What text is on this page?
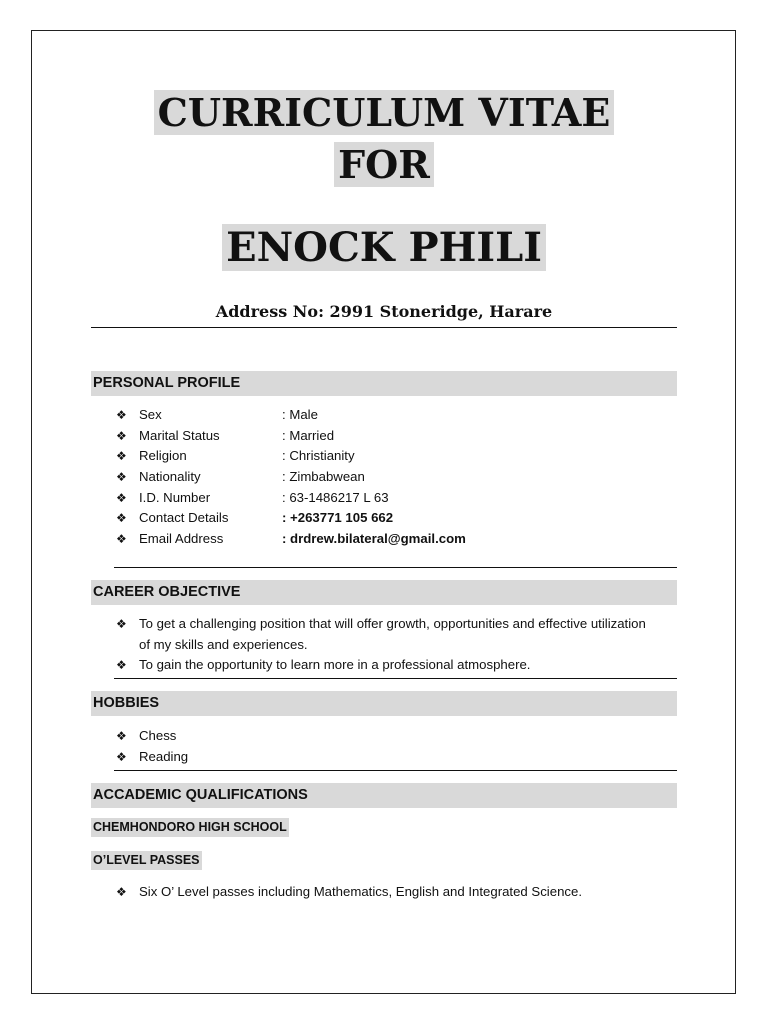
CURRICULUM VITAE
FOR
ENOCK PHILI
Address No: 2991 Stoneridge, Harare
PERSONAL PROFILE
❖ Sex	: Male
❖ Marital Status	: Married
❖ Religion	: Christianity
❖ Nationality	: Zimbabwean
❖ I.D. Number	: 63-1486217 L 63
❖ Contact Details	: +263771 105 662
❖ Email Address	: drdrew.bilateral@gmail.com
CAREER OBJECTIVE
❖ To get a challenging position that will offer growth, opportunities and effective utilization of my skills and experiences.
❖ To gain the opportunity to learn more in a professional atmosphere.
HOBBIES
❖ Chess
❖ Reading
ACCADEMIC QUALIFICATIONS
CHEMHONDORO HIGH SCHOOL
O’LEVEL PASSES
❖ Six O’ Level passes including Mathematics, English and Integrated Science.
